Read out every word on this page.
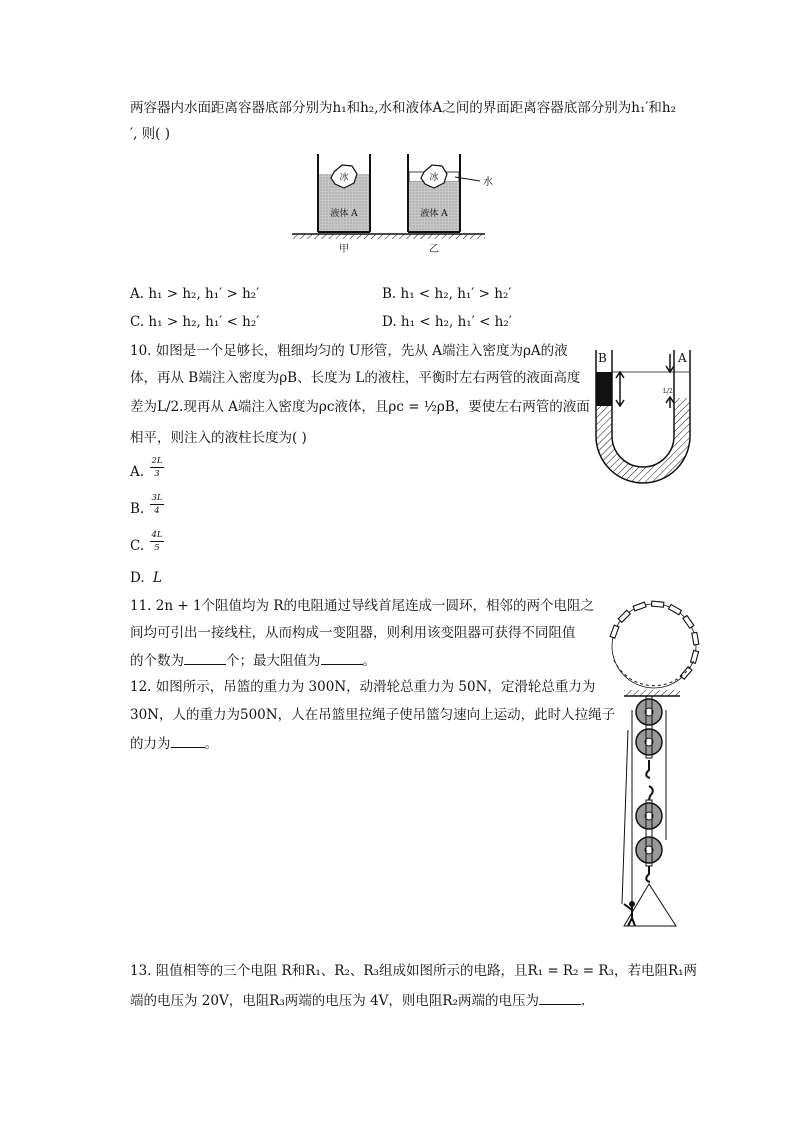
两容器内水面距离容器底部分别为h₁和h₂,水和液体A之间的界面距离容器底部分别为h₁′和h₂
′, 则( )
冰
液体 A
冰
液体 A
水
甲	乙
A. h₁ > h₂, h₁′ > h₂′	B. h₁ < h₂, h₁′ > h₂′
C. h₁ > h₂, h₁′ < h₂′	D. h₁ < h₂, h₁′ < h₂′
10. 如图是一个足够长，粗细均匀的 U形管，先从 A端注入密度为ρA的液
体，再从 B端注入密度为ρB、长度为 L的液柱，平衡时左右两管的液面高度
差为L/2.现再从 A端注入密度为ρc液体，且ρc = ½ρB，要使左右两管的液面
相平，则注入的液柱长度为( )
B	A
L/2
A.
2L
3
B.
3L
4
C.
4L
5
D. L
11. 2n + 1个阻值均为 R的电阻通过导线首尾连成一圆环，相邻的两个电阻之
间均可引出一接线柱，从而构成一变阻器，则利用该变阻器可获得不同阻值
的个数为	个；最大阻值为	。
12. 如图所示，吊篮的重力为 300N，动滑轮总重力为 50N，定滑轮总重力为
30N，人的重力为500N，人在吊篮里拉绳子使吊篮匀速向上运动，此时人拉绳子
的力为	。
13. 阻值相等的三个电阻 R和R₁、R₂、R₃组成如图所示的电路，且R₁ = R₂ = R₃，若电阻R₁两
端的电压为 20V，电阻R₃两端的电压为 4V，则电阻R₂两端的电压为	.
